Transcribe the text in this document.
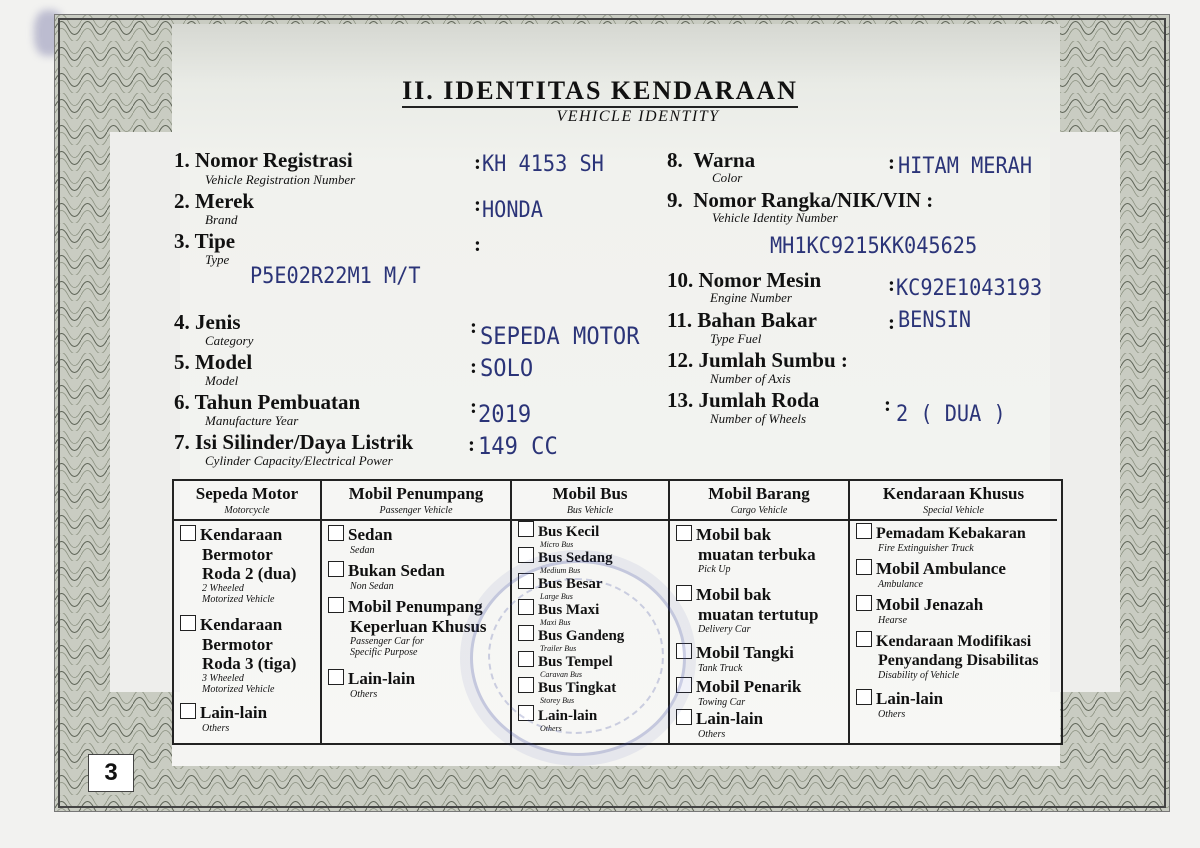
II. IDENTITAS KENDARAAN
VEHICLE IDENTITY
1. Nomor Registrasi
Vehicle Registration Number
: KH 4153 SH
2. Merek
Brand
: HONDA
3. Tipe
Type
:
P5E02R22M1 M/T
4. Jenis
Category
: SEPEDA MOTOR
5. Model
Model
: SOLO
6. Tahun Pembuatan
Manufacture Year
: 2019
7. Isi Silinder/Daya Listrik
Cylinder Capacity/Electrical Power
: 149 CC
8. Warna
Color
: HITAM MERAH
9. Nomor Rangka/NIK/VIN :
Vehicle Identity Number
MH1KC9215KK045625
10. Nomor Mesin
Engine Number
: KC92E1043193
11. Bahan Bakar
Type Fuel
: BENSIN
12. Jumlah Sumbu :
Number of Axis
13. Jumlah Roda
Number of Wheels
: 2 ( DUA )
Sepeda Motor
Motorcycle
Kendaraan
Bermotor
Roda 2 (dua)
2 Wheeled
Motorized Vehicle
Kendaraan
Bermotor
Roda 3 (tiga)
3 Wheeled
Motorized Vehicle
Lain-lain
Others
Mobil Penumpang
Passenger Vehicle
Sedan
Sedan
Bukan Sedan
Non Sedan
Mobil Penumpang
Keperluan Khusus
Passenger Car for
Specific Purpose
Lain-lain
Others
Mobil Bus
Bus Vehicle
Bus Kecil
Micro Bus
Bus Sedang
Medium Bus
Bus Besar
Large Bus
Bus Maxi
Maxi Bus
Bus Gandeng
Trailer Bus
Bus Tempel
Caravan Bus
Bus Tingkat
Storey Bus
Lain-lain
Others
Mobil Barang
Cargo Vehicle
Mobil bak
muatan terbuka
Pick Up
Mobil bak
muatan tertutup
Delivery Car
Mobil Tangki
Tank Truck
Mobil Penarik
Towing Car
Lain-lain
Others
Kendaraan Khusus
Special Vehicle
Pemadam Kebakaran
Fire Extinguisher Truck
Mobil Ambulance
Ambulance
Mobil Jenazah
Hearse
Kendaraan Modifikasi
Penyandang Disabilitas
Disability of Vehicle
Lain-lain
Others
3
